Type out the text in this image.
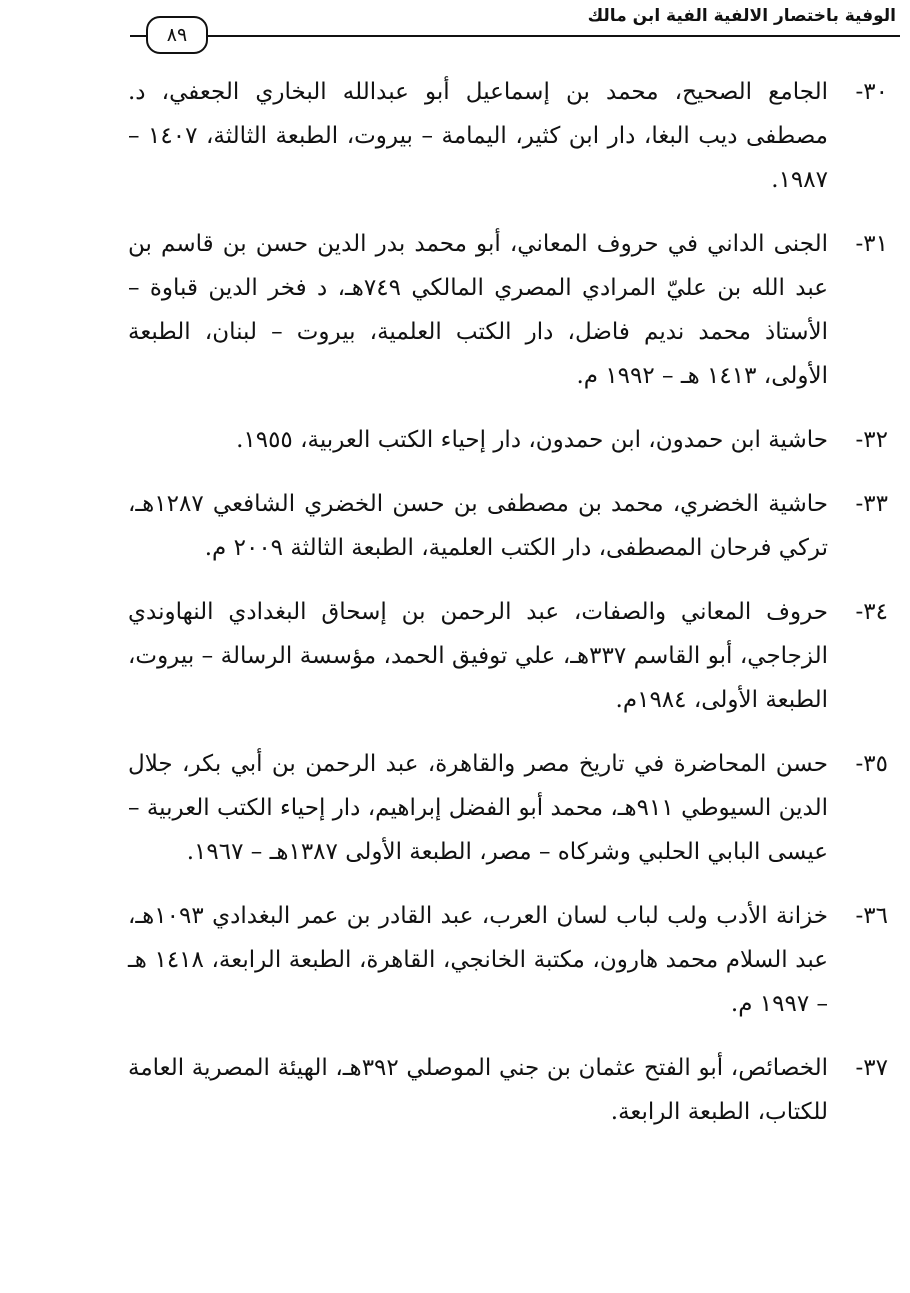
الوفية باختصار الالفية الفية ابن مالك
٨٩
٣٠-
الجامع الصحيح، محمد بن إسماعيل أبو عبدالله البخاري الجعفي، د. مصطفى ديب البغا، دار ابن كثير، اليمامة – بيروت، الطبعة الثالثة، ١٤٠٧ – ١٩٨٧.
٣١-
الجنى الداني في حروف المعاني، أبو محمد بدر الدين حسن بن قاسم بن عبد الله بن عليّ المرادي المصري المالكي ٧٤٩هـ، د فخر الدين قباوة – الأستاذ محمد نديم فاضل، دار الكتب العلمية، بيروت – لبنان، الطبعة الأولى، ١٤١٣ هـ – ١٩٩٢ م.
٣٢-
حاشية ابن حمدون، ابن حمدون، دار إحياء الكتب العربية، ١٩٥٥.
٣٣-
حاشية الخضري، محمد بن مصطفى بن حسن الخضري الشافعي ١٢٨٧هـ، تركي فرحان المصطفى، دار الكتب العلمية، الطبعة الثالثة ٢٠٠٩ م.
٣٤-
حروف المعاني والصفات، عبد الرحمن بن إسحاق البغدادي النهاوندي الزجاجي، أبو القاسم ٣٣٧هـ، علي توفيق الحمد، مؤسسة الرسالة – بيروت، الطبعة الأولى، ١٩٨٤م.
٣٥-
حسن المحاضرة في تاريخ مصر والقاهرة، عبد الرحمن بن أبي بكر، جلال الدين السيوطي ٩١١هـ، محمد أبو الفضل إبراهيم، دار إحياء الكتب العربية – عيسى البابي الحلبي وشركاه – مصر، الطبعة الأولى ١٣٨٧هـ – ١٩٦٧.
٣٦-
خزانة الأدب ولب لباب لسان العرب، عبد القادر بن عمر البغدادي ١٠٩٣هـ، عبد السلام محمد هارون، مكتبة الخانجي، القاهرة، الطبعة الرابعة، ١٤١٨ هـ – ١٩٩٧ م.
٣٧-
الخصائص، أبو الفتح عثمان بن جني الموصلي ٣٩٢هـ، الهيئة المصرية العامة للكتاب، الطبعة الرابعة.
